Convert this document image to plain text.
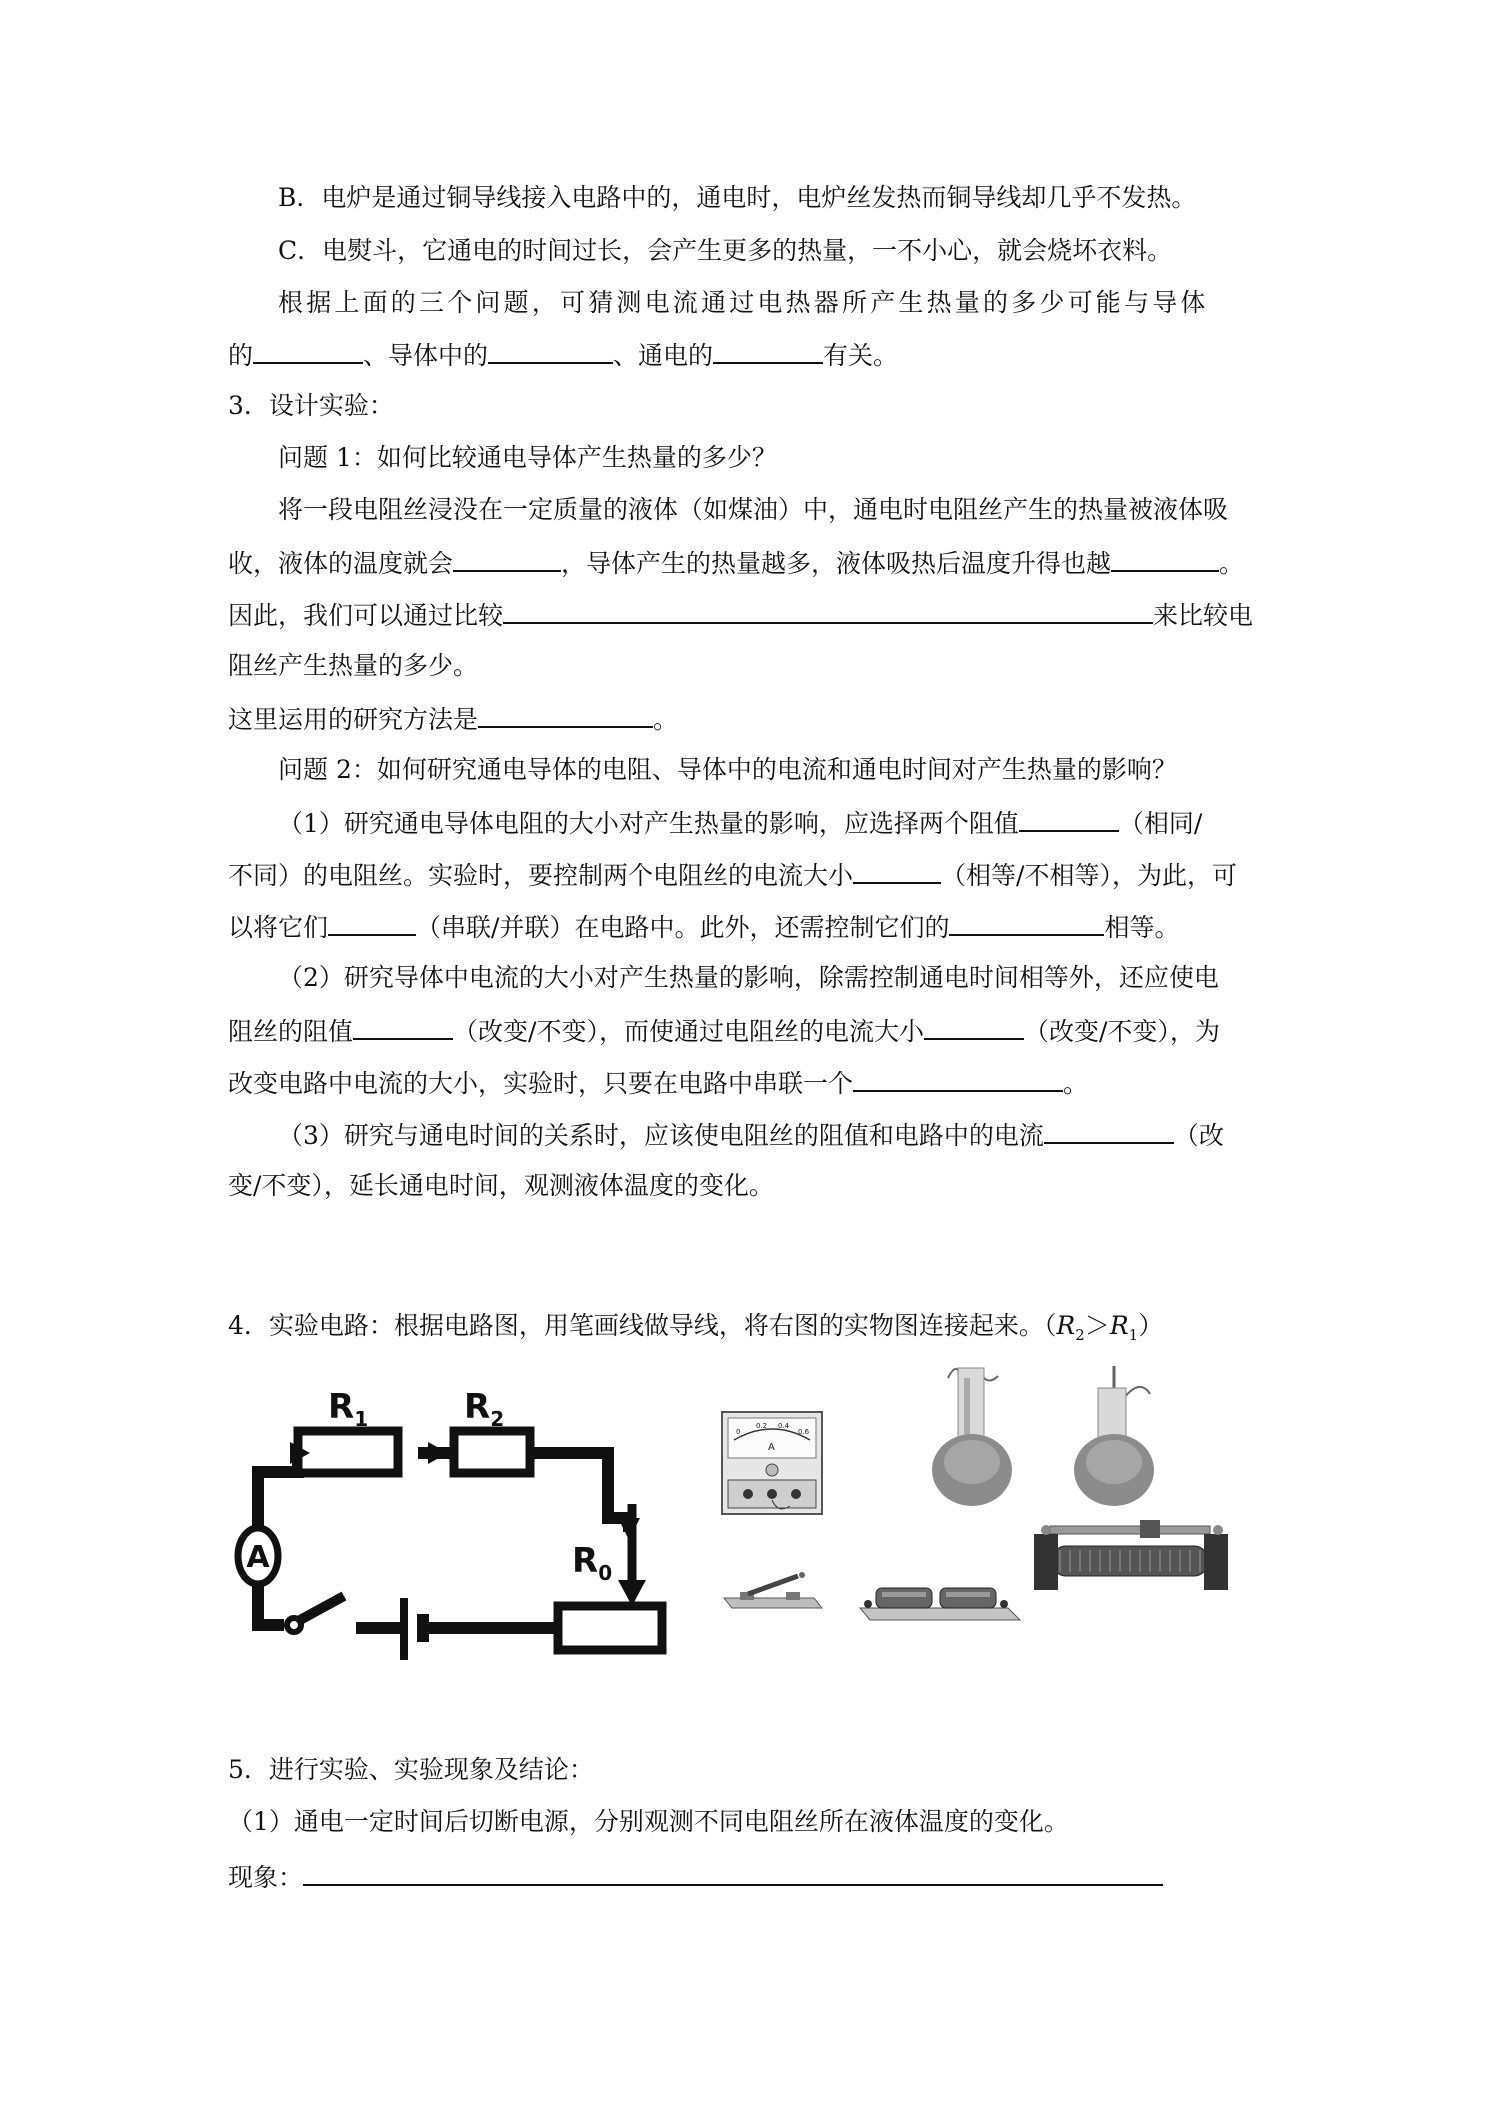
B．电炉是通过铜导线接入电路中的，通电时，电炉丝发热而铜导线却几乎不发热。
C．电熨斗，它通电的时间过长，会产生更多的热量，一不小心，就会烧坏衣料。
根据上面的三个问题，可猜测电流通过电热器所产生热量的多少可能与导体
的	、导体中的	、通电的	有关。
3．设计实验：
问题 1：如何比较通电导体产生热量的多少？
将一段电阻丝浸没在一定质量的液体（如煤油）中，通电时电阻丝产生的热量被液体吸
收，液体的温度就会	，导体产生的热量越多，液体吸热后温度升得也越	。
因此，我们可以通过比较	来比较电
阻丝产生热量的多少。
这里运用的研究方法是	。
问题 2：如何研究通电导体的电阻、导体中的电流和通电时间对产生热量的影响？
（1）研究通电导体电阻的大小对产生热量的影响，应选择两个阻值	（相同/
不同）的电阻丝。实验时，要控制两个电阻丝的电流大小	（相等/不相等），为此，可
以将它们	（串联/并联）在电路中。此外，还需控制它们的	相等。
（2）研究导体中电流的大小对产生热量的影响，除需控制通电时间相等外，还应使电
阻丝的阻值	（改变/不变），而使通过电阻丝的电流大小	（改变/不变），为
改变电路中电流的大小，实验时，只要在电路中串联一个	。
（3）研究与通电时间的关系时，应该使电阻丝的阻值和电路中的电流	（改
变/不变），延长通电时间，观测液体温度的变化。
4．实验电路：根据电路图，用笔画线做导线，将右图的实物图连接起来。$(R_2>R_1)$
A
$R_1$	$R_2$
$R_0$
0
0.2 0.4
0.6
A
5．进行实验、实验现象及结论：
（1）通电一定时间后切断电源，分别观测不同电阻丝所在液体温度的变化。
现象：
